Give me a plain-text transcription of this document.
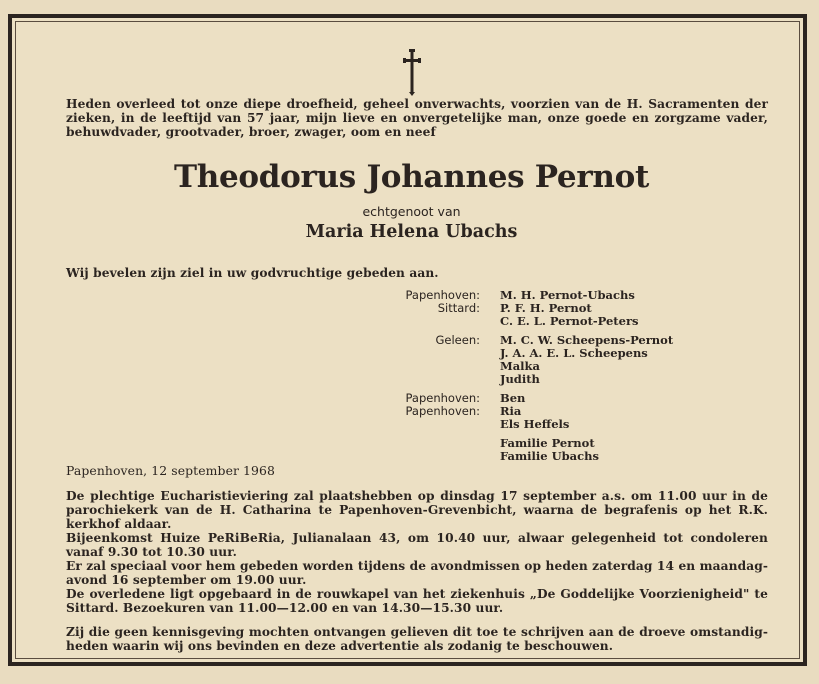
Heden overleed tot onze diepe droefheid, geheel onverwachts, voorzien van de H. Sacramenten der zieken, in de leeftijd van 57 jaar, mijn lieve en onvergetelijke man, onze goede en zorgzame vader, behuwdvader, grootvader, broer, zwager, oom en neef
Theodorus Johannes Pernot
echtgenoot van
Maria Helena Ubachs
Wij bevelen zijn ziel in uw godvruchtige gebeden aan.
Papenhoven: M. H. Pernot-Ubachs
Sittard: P. F. H. Pernot
C. E. L. Pernot-Peters
Geleen: M. C. W. Scheepens-Pernot
J. A. A. E. L. Scheepens
Malka
Judith
Papenhoven: Ben
Papenhoven: Ria
Els Heffels
Familie Pernot
Familie Ubachs
Papenhoven, 12 september 1968
De plechtige Eucharistieviering zal plaatshebben op dinsdag 17 september a.s. om 11.00 uur in de parochiekerk van de H. Catharina te Papenhoven-Grevenbicht, waarna de begrafenis op het R.K. kerkhof aldaar.
Bijeenkomst Huize PeRiBeRia, Julianalaan 43, om 10.40 uur, alwaar gelegenheid tot condoleren vanaf 9.30 tot 10.30 uur.
Er zal speciaal voor hem gebeden worden tijdens de avondmissen op heden zaterdag 14 en maandag-avond 16 september om 19.00 uur.
De overledene ligt opgebaard in de rouwkapel van het ziekenhuis „De Goddelijke Voorzienigheid" te Sittard. Bezoekuren van 11.00—12.00 en van 14.30—15.30 uur.
Zij die geen kennisgeving mochten ontvangen gelieven dit toe te schrijven aan de droeve omstandig-heden waarin wij ons bevinden en deze advertentie als zodanig te beschouwen.
